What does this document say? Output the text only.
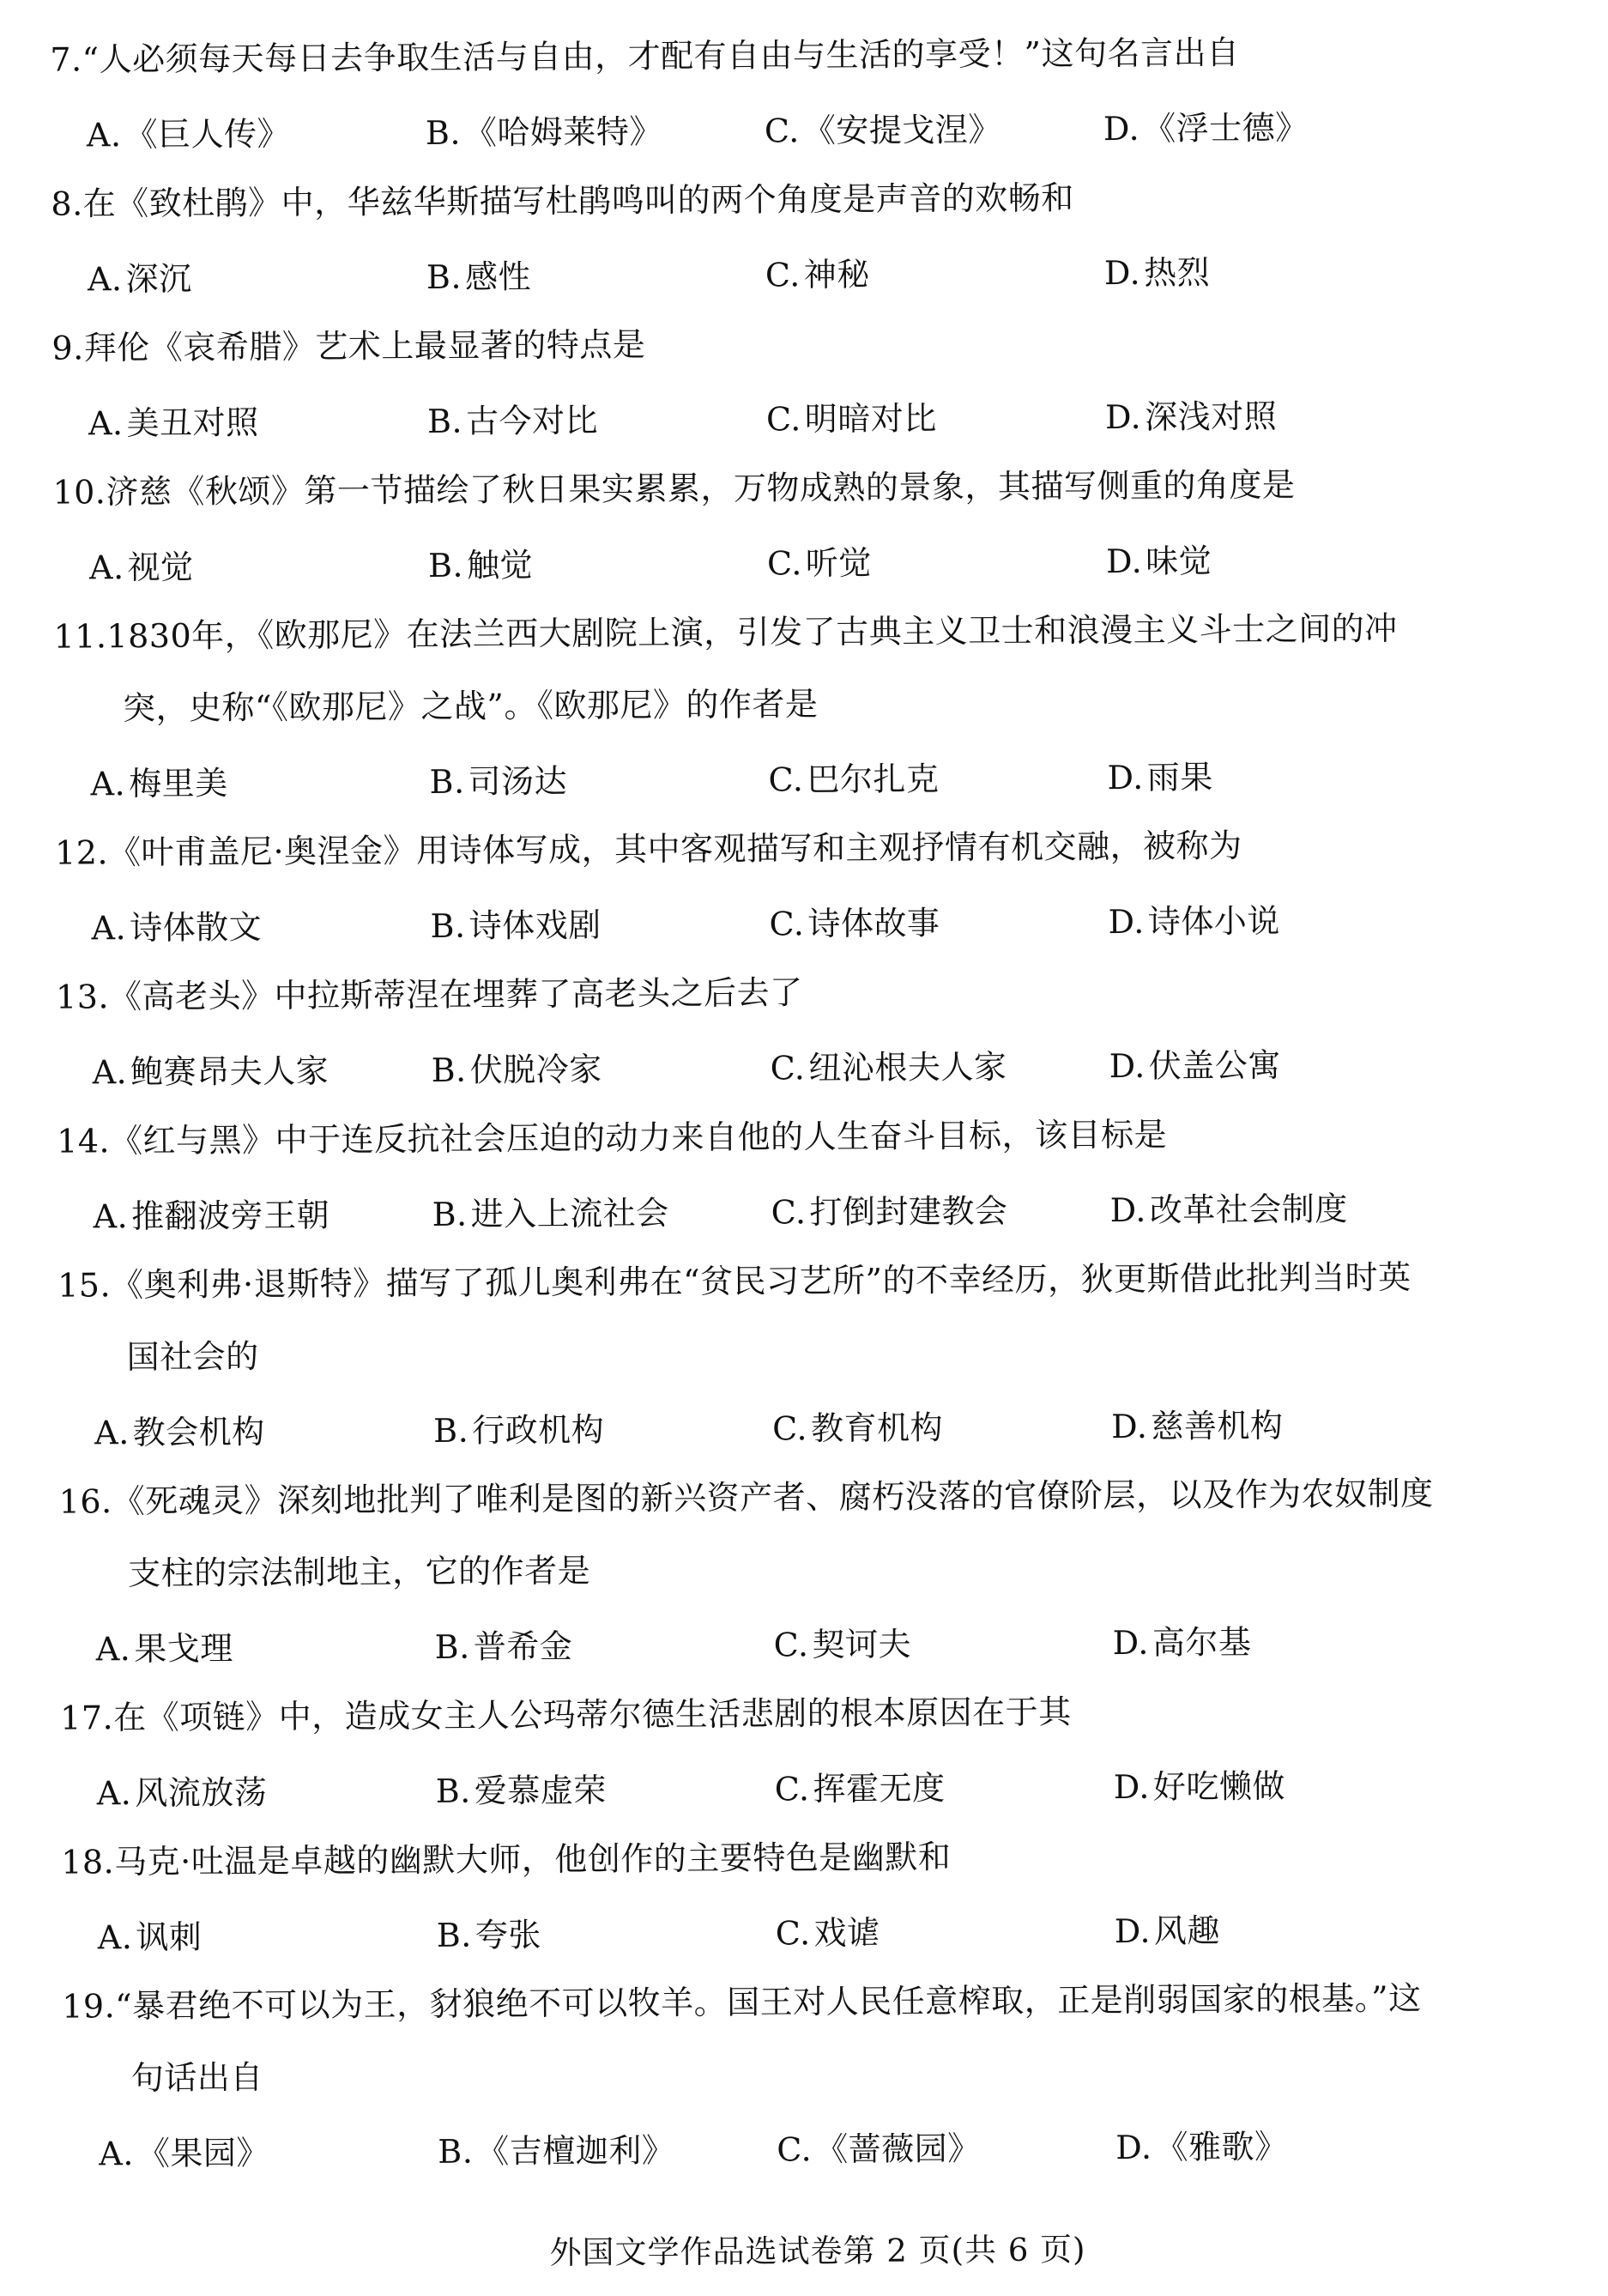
7.“人必须每天每日去争取生活与自由，才配有自由与生活的享受！”这句名言出自
A.《巨人传》	B.《哈姆莱特》	C.《安提戈涅》	D.《浮士德》
8.在《致杜鹃》中，华兹华斯描写杜鹃鸣叫的两个角度是声音的欢畅和
A.深沉	B.感性	C.神秘	D.热烈
9.拜伦《哀希腊》艺术上最显著的特点是
A.美丑对照	B.古今对比	C.明暗对比	D.深浅对照
10.济慈《秋颂》第一节描绘了秋日果实累累，万物成熟的景象，其描写侧重的角度是
A.视觉	B.触觉	C.听觉	D.味觉
11.1830年，《欧那尼》在法兰西大剧院上演，引发了古典主义卫士和浪漫主义斗士之间的冲
突，史称“《欧那尼》之战”。《欧那尼》的作者是
A.梅里美	B.司汤达	C.巴尔扎克	D.雨果
12.《叶甫盖尼·奥涅金》用诗体写成，其中客观描写和主观抒情有机交融，被称为
A.诗体散文	B.诗体戏剧	C.诗体故事	D.诗体小说
13.《高老头》中拉斯蒂涅在埋葬了高老头之后去了
A.鲍赛昂夫人家	B.伏脱冷家	C.纽沁根夫人家	D.伏盖公寓
14.《红与黑》中于连反抗社会压迫的动力来自他的人生奋斗目标，该目标是
A.推翻波旁王朝	B.进入上流社会	C.打倒封建教会	D.改革社会制度
15.《奥利弗·退斯特》描写了孤儿奥利弗在“贫民习艺所”的不幸经历，狄更斯借此批判当时英
国社会的
A.教会机构	B.行政机构	C.教育机构	D.慈善机构
16.《死魂灵》深刻地批判了唯利是图的新兴资产者、腐朽没落的官僚阶层，以及作为农奴制度
支柱的宗法制地主，它的作者是
A.果戈理	B.普希金	C.契诃夫	D.高尔基
17.在《项链》中，造成女主人公玛蒂尔德生活悲剧的根本原因在于其
A.风流放荡	B.爱慕虚荣	C.挥霍无度	D.好吃懒做
18.马克·吐温是卓越的幽默大师，他创作的主要特色是幽默和
A.讽刺	B.夸张	C.戏谑	D.风趣
19.“暴君绝不可以为王，豺狼绝不可以牧羊。国王对人民任意榨取，正是削弱国家的根基。”这
句话出自
A.《果园》	B.《吉檀迦利》	C.《蔷薇园》	D.《雅歌》
外国文学作品选试卷第 2 页(共 6 页)
